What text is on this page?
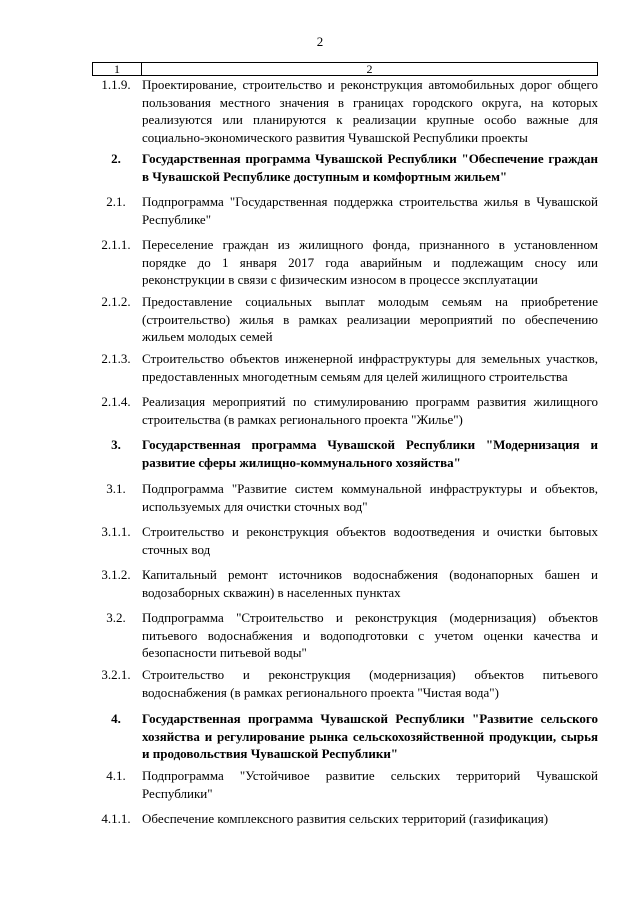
2
1	2
1.1.9. Проектирование, строительство и реконструкция автомобильных дорог общего пользования местного значения в границах городского округа, на которых реализуются или планируются к реализации крупные особо важные для социально-экономического развития Чувашской Республики проекты
2.	Государственная программа Чувашской Республики "Обеспечение граждан в Чувашской Республике доступным и комфортным жильем"
2.1.	Подпрограмма "Государственная поддержка строительства жилья в Чувашской Республике"
2.1.1. Переселение граждан из жилищного фонда, признанного в установленном порядке до 1 января 2017 года аварийным и подлежащим сносу или реконструкции в связи с физическим износом в процессе эксплуатации
2.1.2. Предоставление социальных выплат молодым семьям на приобретение (строительство) жилья в рамках реализации мероприятий по обеспечению жильем молодых семей
2.1.3. Строительство объектов инженерной инфраструктуры для земельных участков, предоставленных многодетным семьям для целей жилищного строительства
2.1.4. Реализация мероприятий по стимулированию программ развития жилищного строительства (в рамках регионального проекта "Жилье")
3.	Государственная программа Чувашской Республики "Модернизация и развитие сферы жилищно-коммунального хозяйства"
3.1.	Подпрограмма "Развитие систем коммунальной инфраструктуры и объектов, используемых для очистки сточных вод"
3.1.1. Строительство и реконструкция объектов водоотведения и очистки бытовых сточных вод
3.1.2. Капитальный ремонт источников водоснабжения (водонапорных башен и водозаборных скважин) в населенных пунктах
3.2.	Подпрограмма "Строительство и реконструкция (модернизация) объектов питьевого водоснабжения и водоподготовки с учетом оценки качества и безопасности питьевой воды"
3.2.1. Строительство и реконструкция (модернизация) объектов питьевого водоснабжения (в рамках регионального проекта "Чистая вода")
4.	Государственная программа Чувашской Республики "Развитие сельского хозяйства и регулирование рынка сельскохозяйственной продукции, сырья и продовольствия Чувашской Республики"
4.1.	Подпрограмма "Устойчивое развитие сельских территорий Чувашской Республики"
4.1.1. Обеспечение комплексного развития сельских территорий (газификация)
